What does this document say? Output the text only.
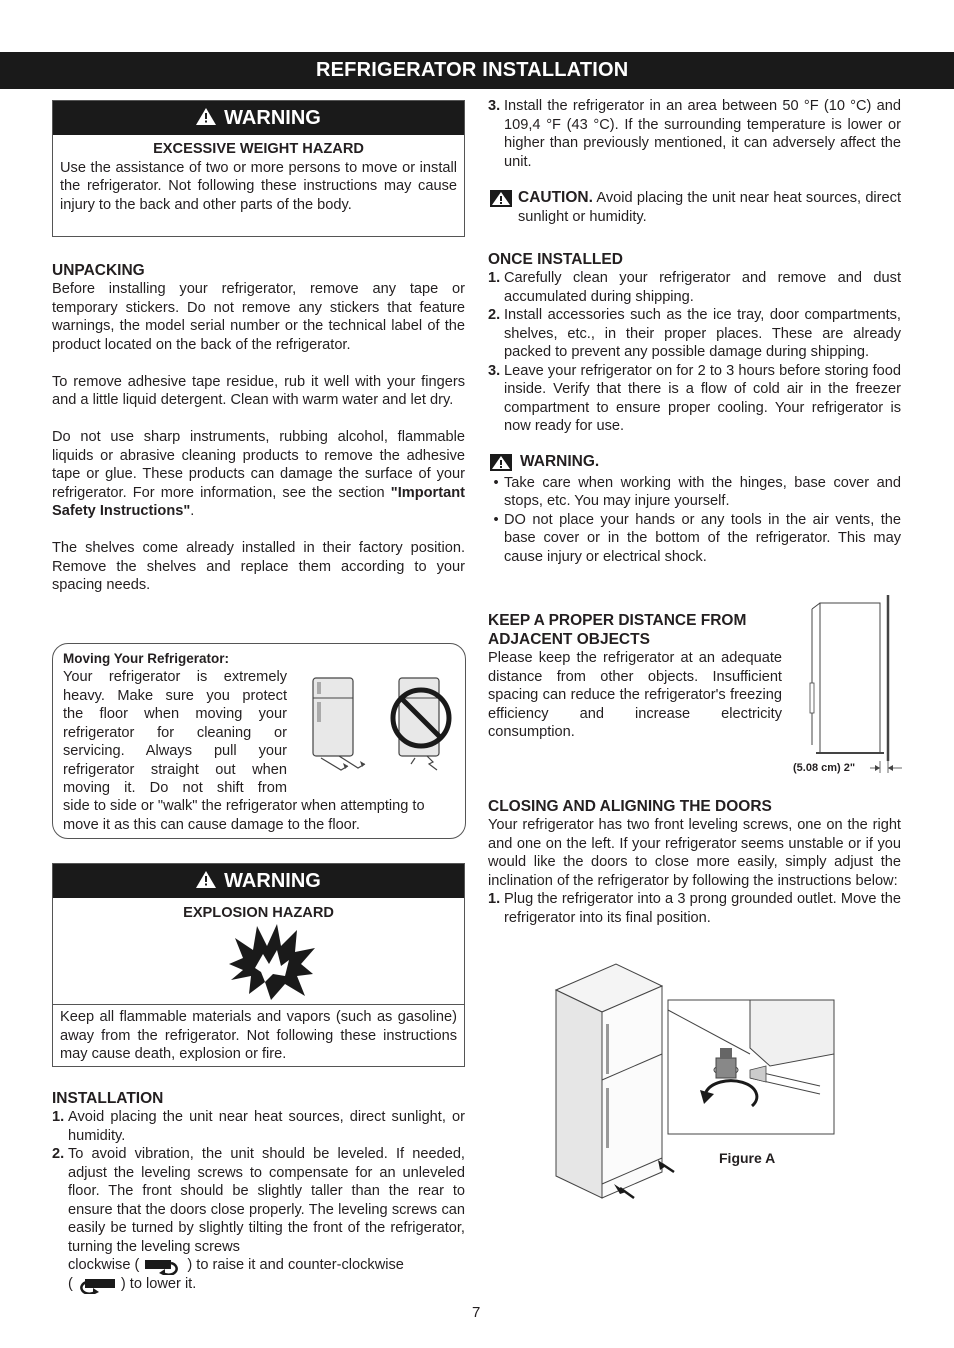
REFRIGERATOR INSTALLATION
WARNING
EXCESSIVE WEIGHT HAZARD
Use the assistance of two or more persons to move or install the refrigerator. Not following these instructions may cause injury to the back and other parts of the body.
UNPACKING

Before installing your refrigerator, remove any tape or temporary stickers. Do not remove any stickers that feature warnings, the model serial number or the technical label of the product located on the back of the refrigerator.

To remove adhesive tape residue, rub it well with your fingers and a little liquid detergent. Clean with warm water and let dry.

Do not use sharp instruments, rubbing alcohol, flammable liquids or abrasive cleaning products to remove the adhesive tape or glue. These products can damage the surface of your refrigerator. For more information, see the section "Important Safety Instructions".

The shelves come already installed in their factory position. Remove the shelves and replace them according to your spacing needs.

Moving Your Refrigerator:
Your refrigerator is extremely
heavy. Make sure you protect
the floor when moving your
refrigerator for cleaning or
servicing. Always pull your
refrigerator straight out when
moving it. Do not shift from
side to side or "walk" the refrigerator when attempting to move it as this can cause damage to the floor.
WARNING
EXPLOSION HAZARD
Keep all flammable materials and vapors (such as gasoline) away from the refrigerator. Not following these instructions may cause death, explosion or fire.
INSTALLATION
1. Avoid placing the unit near heat sources, direct sunlight, or humidity.
2. To avoid vibration, the unit should be leveled. If needed, adjust the leveling screws to compensate for an unleveled floor. The front should be slightly taller than the rear to ensure that the doors close properly. The leveling screws can easily be turned by slightly tilting the front of the refrigerator, turning the leveling screws
clockwise (	) to raise it and counter-clockwise
(	) to lower it.
3. Install the refrigerator in an area between 50 °F (10 °C) and 109,4 °F (43 °C). If the surrounding temperature is lower or higher than previously mentioned, it can adversely affect the unit.
CAUTION. Avoid placing the unit near heat sources, direct sunlight or humidity.
ONCE INSTALLED
1. Carefully clean your refrigerator and remove and dust accumulated during shipping.
2. Install accessories such as the ice tray, door compartments, shelves, etc., in their proper places. These are already packed to prevent any possible damage during shipping.
3. Leave your refrigerator on for 2 to 3 hours before storing food inside. Verify that there is a flow of cold air in the freezer compartment to ensure proper cooling. Your refrigerator is now ready for use.
WARNING.
• Take care when working with the hinges, base cover and stops, etc. You may injure yourself.
• DO not place your hands or any tools in the air vents, the base cover or in the bottom of the refrigerator. This may cause injury or electrical shock.
KEEP A PROPER DISTANCE FROM
ADJACENT OBJECTS

Please keep the refrigerator at an adequate distance from other objects. Insufficient spacing can reduce the refrigerator's freezing efficiency and increase electricity consumption.

(5.08 cm) 2"
CLOSING AND ALIGNING THE DOORS

Your refrigerator has two front leveling screws, one on the right and one on the left. If your refrigerator seems unstable or if you would like the doors to close more easily, simply adjust the inclination of the refrigerator by following the instructions below:

1. Plug the refrigerator into a 3 prong grounded outlet. Move the refrigerator into its final position.
Figure A
7
